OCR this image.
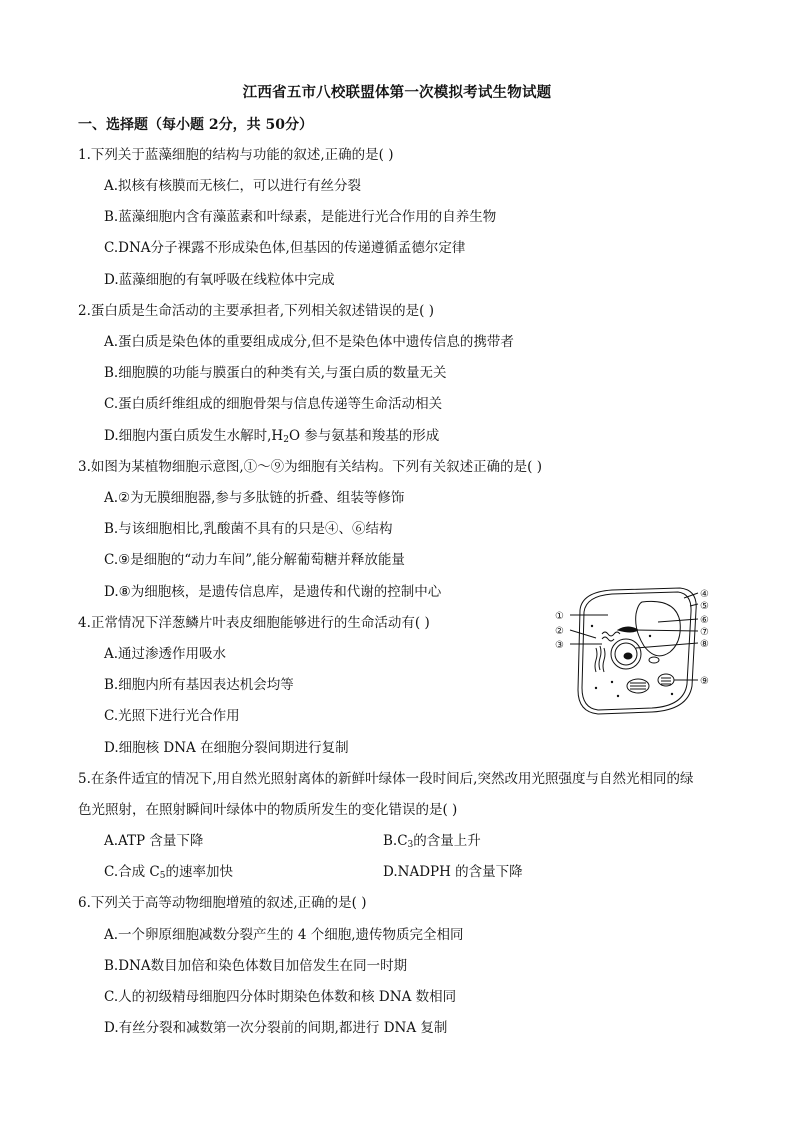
江西省五市八校联盟体第一次模拟考试生物试题
一、选择题（每小题 2分，共 50分）
1.下列关于蓝藻细胞的结构与功能的叙述,正确的是( )
A.拟核有核膜而无核仁，可以进行有丝分裂
B.蓝藻细胞内含有藻蓝素和叶绿素，是能进行光合作用的自养生物
C.DNA分子裸露不形成染色体,但基因的传递遵循孟德尔定律
D.蓝藻细胞的有氧呼吸在线粒体中完成
2.蛋白质是生命活动的主要承担者,下列相关叙述错误的是( )
A.蛋白质是染色体的重要组成成分,但不是染色体中遗传信息的携带者
B.细胞膜的功能与膜蛋白的种类有关,与蛋白质的数量无关
C.蛋白质纤维组成的细胞骨架与信息传递等生命活动相关
D.细胞内蛋白质发生水解时$,H_2O$ 参与氨基和羧基的形成
3.如图为某植物细胞示意图,①～⑨为细胞有关结构。下列有关叙述正确的是( )
A.②为无膜细胞器,参与多肽链的折叠、组装等修饰
B.与该细胞相比,乳酸菌不具有的只是④、⑥结构
C.⑨是细胞的“动力车间”,能分解葡萄糖并释放能量
D.⑧为细胞核，是遗传信息库，是遗传和代谢的控制中心
4.正常情况下洋葱鳞片叶表皮细胞能够进行的生命活动有( )
A.通过渗透作用吸水
B.细胞内所有基因表达机会均等
C.光照下进行光合作用
D.细胞核 DNA 在细胞分裂间期进行复制
①
②
③
④
⑤
⑥
⑦
⑧
⑨
5.在条件适宜的情况下,用自然光照射离体的新鲜叶绿体一段时间后,突然改用光照强度与自然光相同的绿
色光照射，在照射瞬间叶绿体中的物质所发生的变化错误的是( )
A.ATP 含量下降	$B.C_3$的含量上升
C.合成 $C_5$的速率加快	D.NADPH 的含量下降
6.下列关于高等动物细胞增殖的叙述,正确的是( )
A.一个卵原细胞减数分裂产生的 4 个细胞,遗传物质完全相同
B.DNA数目加倍和染色体数目加倍发生在同一时期
C.人的初级精母细胞四分体时期染色体数和核 DNA 数相同
D.有丝分裂和减数第一次分裂前的间期,都进行 DNA 复制
